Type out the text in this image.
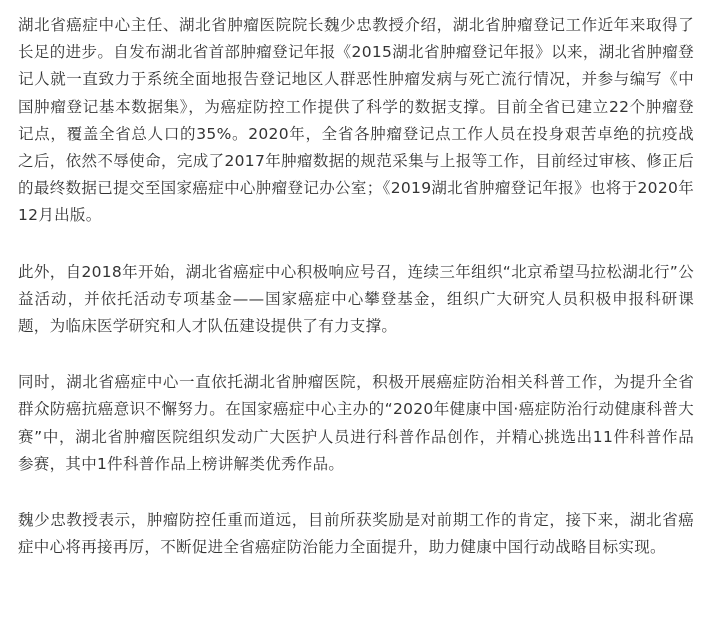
湖北省癌症中心主任、湖北省肿瘤医院院长魏少忠教授介绍，湖北省肿瘤登记工作近年来取得了长足的进步。自发布湖北省首部肿瘤登记年报《2015湖北省肿瘤登记年报》以来，湖北省肿瘤登记人就一直致力于系统全面地报告登记地区人群恶性肿瘤发病与死亡流行情况，并参与编写《中国肿瘤登记基本数据集》，为癌症防控工作提供了科学的数据支撑。目前全省已建立22个肿瘤登记点，覆盖全省总人口的35%。2020年，全省各肿瘤登记点工作人员在投身艰苦卓绝的抗疫战之后，依然不辱使命，完成了2017年肿瘤数据的规范采集与上报等工作，目前经过审核、修正后的最终数据已提交至国家癌症中心肿瘤登记办公室；《2019湖北省肿瘤登记年报》也将于2020年12月出版。

此外，自2018年开始，湖北省癌症中心积极响应号召，连续三年组织“北京希望马拉松湖北行”公益活动，并依托活动专项基金——国家癌症中心攀登基金，组织广大研究人员积极申报科研课题，为临床医学研究和人才队伍建设提供了有力支撑。

同时，湖北省癌症中心一直依托湖北省肿瘤医院，积极开展癌症防治相关科普工作，为提升全省群众防癌抗癌意识不懈努力。在国家癌症中心主办的“2020年健康中国·癌症防治行动健康科普大赛”中，湖北省肿瘤医院组织发动广大医护人员进行科普作品创作，并精心挑选出11件科普作品参赛，其中1件科普作品上榜讲解类优秀作品。

魏少忠教授表示，肿瘤防控任重而道远，目前所获奖励是对前期工作的肯定，接下来，湖北省癌症中心将再接再厉，不断促进全省癌症防治能力全面提升，助力健康中国行动战略目标实现。
